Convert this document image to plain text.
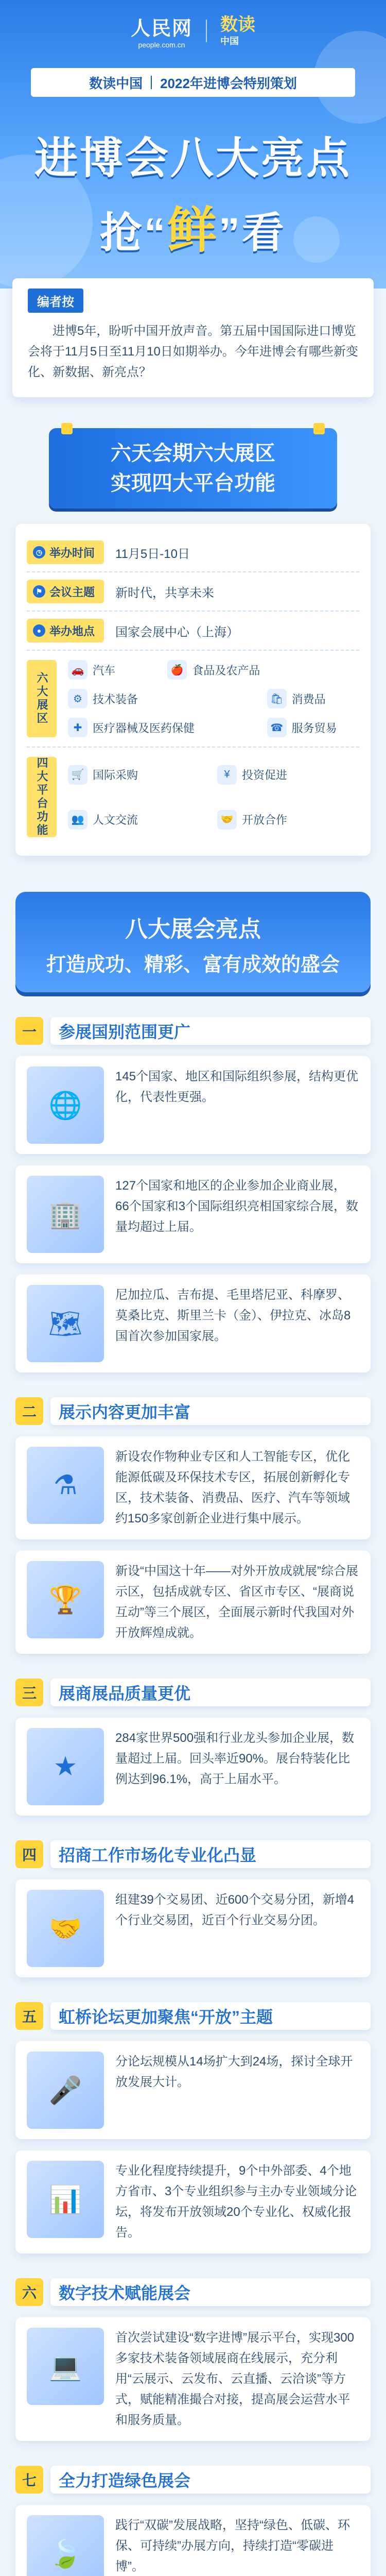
人民网
people.com.cn
数读
中国
数读中国 2022年进博会特别策划
进博会八大亮点
抢“鲜”看
编者按

进博5年，盼听中国开放声音。第五届中国国际进口博览会将于11月5日至11月10日如期举办。今年进博会有哪些新变化、新数据、新亮点？

六天会期六大展区
实现四大平台功能
◷ 举办时间 11月5日-10日
⚑ 会议主题 新时代，共享未来
● 举办地点 国家会展中心（上海）
六大展区
🚗 汽车	🍎 食品及农产品
⚙ 技术装备	🛍 消费品
✚ 医疗器械及医药保健	☎ 服务贸易
四大平台功能	🛒 国际采购	¥	投资促进
👥 人文交流	🤝 开放合作
八大展会亮点
打造成功、精彩、富有成效的盛会
一	参展国别范围更广
🌐
145个国家、地区和国际组织参展，结构更优化，代表性更强。
🏢
127个国家和地区的企业参加企业商业展，66个国家和3个国际组织亮相国家综合展，数量均超过上届。
🗺
尼加拉瓜、吉布提、毛里塔尼亚、科摩罗、莫桑比克、斯里兰卡（金）、伊拉克、冰岛8国首次参加国家展。
二	展示内容更加丰富
⚗
新设农作物种业专区和人工智能专区，优化能源低碳及环保技术专区，拓展创新孵化专区，技术装备、消费品、医疗、汽车等领域约150多家创新企业进行集中展示。
🏆
新设“中国这十年——对外开放成就展”综合展示区，包括成就专区、省区市专区、“展商说互动”等三个展区，全面展示新时代我国对外开放辉煌成就。
三	展商展品质量更优
★
284家世界500强和行业龙头参加企业展，数量超过上届。回头率近90%。展台特装化比例达到96.1%，高于上届水平。
四	招商工作市场化专业化凸显
🤝
组建39个交易团、近600个交易分团，新增4个行业交易团，近百个行业交易分团。
五	虹桥论坛更加聚焦“开放”主题
🎤
分论坛规模从14场扩大到24场，探讨全球开放发展大计。
📊
专业化程度持续提升，9个中外部委、4个地方省市、3个专业组织参与主办专业领域分论坛，将发布开放领域20个专业化、权威化报告。
六	数字技术赋能展会
💻
首次尝试建设“数字进博”展示平台，实现300多家技术装备领域展商在线展示，充分利用“云展示、云发布、云直播、云洽谈”等方式，赋能精准撮合对接，提高展会运营水平和服务质量。
七	全力打造绿色展会
🍃
践行“双碳”发展战略，坚持“绿色、低碳、环保、可持续”办展方向，持续打造“零碳进博”。
